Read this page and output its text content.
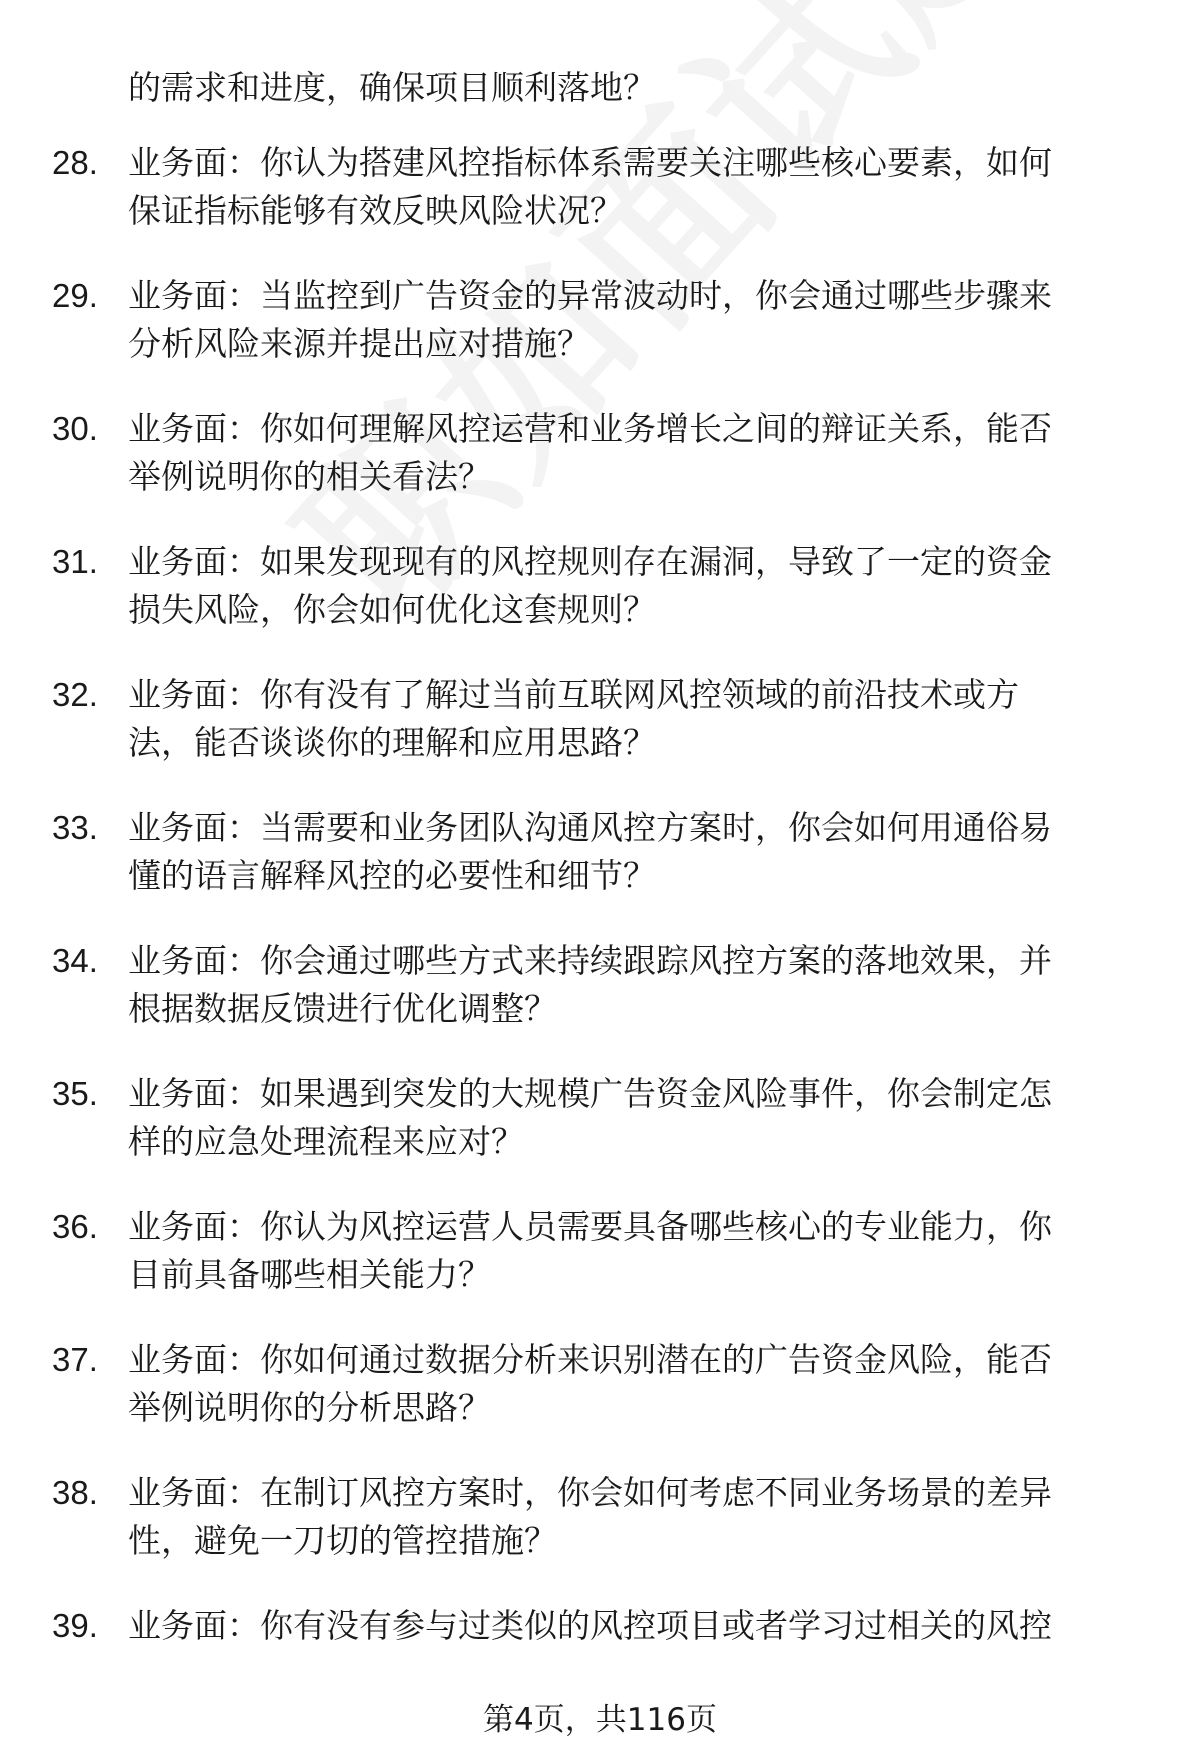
的需求和进度，确保项目顺利落地？
28. 业务面：你认为搭建风控指标体系需要关注哪些核心要素，如何
保证指标能够有效反映风险状况？
29. 业务面：当监控到广告资金的异常波动时，你会通过哪些步骤来
分析风险来源并提出应对措施？
30. 业务面：你如何理解风控运营和业务增长之间的辩证关系，能否
举例说明你的相关看法？
31. 业务面：如果发现现有的风控规则存在漏洞，导致了一定的资金
损失风险，你会如何优化这套规则？
32. 业务面：你有没有了解过当前互联网风控领域的前沿技术或方
法，能否谈谈你的理解和应用思路？
33. 业务面：当需要和业务团队沟通风控方案时，你会如何用通俗易
懂的语言解释风控的必要性和细节？
34. 业务面：你会通过哪些方式来持续跟踪风控方案的落地效果，并
根据数据反馈进行优化调整？
35. 业务面：如果遇到突发的大规模广告资金风险事件，你会制定怎
样的应急处理流程来应对？
36. 业务面：你认为风控运营人员需要具备哪些核心的专业能力，你
目前具备哪些相关能力？
37. 业务面：你如何通过数据分析来识别潜在的广告资金风险，能否
举例说明你的分析思路？
38. 业务面：在制订风控方案时，你会如何考虑不同业务场景的差异
性，避免一刀切的管控措施？
39. 业务面：你有没有参与过类似的风控项目或者学习过相关的风控
第4页，共116页
